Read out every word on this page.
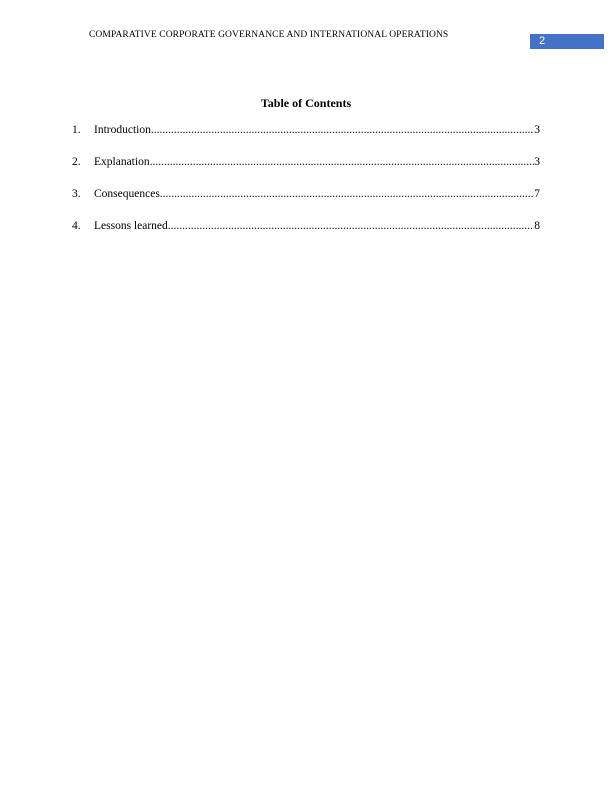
COMPARATIVE CORPORATE GOVERNANCE AND INTERNATIONAL OPERATIONS	2
Table of Contents
1.	Introduction .....	3
2.	Explanation .....	3
3.	Consequences .....	7
4.	Lessons learned .....	8
